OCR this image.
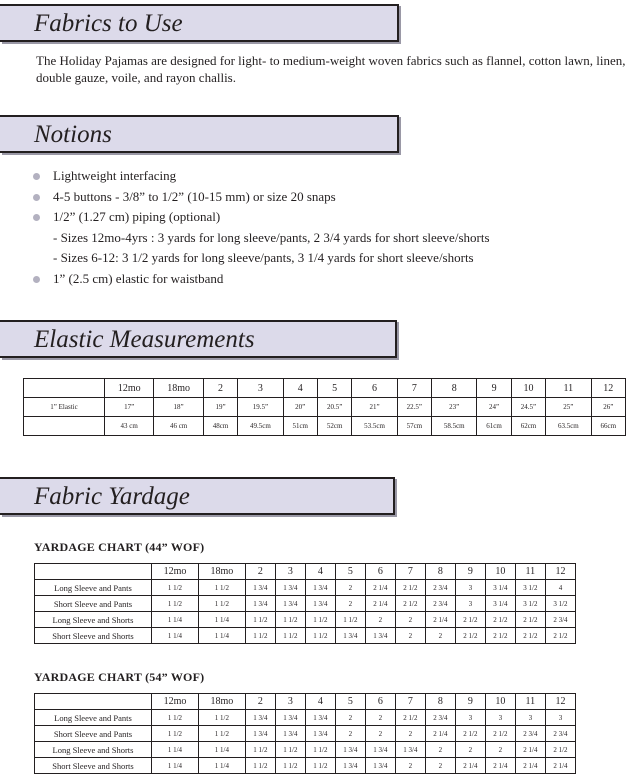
Fabrics to Use
The Holiday Pajamas are designed for light- to medium-weight woven fabrics such as flannel, cotton lawn, linen, double gauze, voile, and rayon challis.
Notions
Lightweight interfacing
4-5 buttons - 3/8” to 1/2” (10-15 mm) or size 20 snaps
1/2” (1.27 cm) piping (optional)
- Sizes 12mo-4yrs : 3 yards for long sleeve/pants, 2 3/4 yards for short sleeve/shorts
- Sizes 6-12: 3 1/2 yards for long sleeve/pants, 3 1/4 yards for short sleeve/shorts
1” (2.5 cm) elastic for waistband
Elastic Measurements
	12mo	18mo	2	3	4	5	6	7	8	9	10	11	12
1” Elastic	17”	18”	19”	19.5”	20”	20.5”	21”	22.5”	23”	24”	24.5”	25”	26”
	43 cm	46 cm	48cm	49.5cm	51cm	52cm	53.5cm	57cm	58.5cm	61cm	62cm	63.5cm	66cm
Fabric Yardage
YARDAGE CHART (44” WOF)
	12mo	18mo	2	3	4	5	6	7	8	9	10	11	12
Long Sleeve and Pants	1 1/2	1 1/2	1 3/4	1 3/4	1 3/4	2	2 1/4	2 1/2	2 3/4	3	3 1/4	3 1/2	4
Short Sleeve and Pants	1 1/2	1 1/2	1 3/4	1 3/4	1 3/4	2	2 1/4	2 1/2	2 3/4	3	3 1/4	3 1/2	3 1/2
Long Sleeve and Shorts	1 1/4	1 1/4	1 1/2	1 1/2	1 1/2	1 1/2	2	2	2 1/4	2 1/2	2 1/2	2 1/2	2 3/4
Short Sleeve and Shorts	1 1/4	1 1/4	1 1/2	1 1/2	1 1/2	1 3/4	1 3/4	2	2	2 1/2	2 1/2	2 1/2	2 1/2
YARDAGE CHART (54” WOF)
	12mo	18mo	2	3	4	5	6	7	8	9	10	11	12
Long Sleeve and Pants	1 1/2	1 1/2	1 3/4	1 3/4	1 3/4	2	2	2 1/2	2 3/4	3	3	3	3
Short Sleeve and Pants	1 1/2	1 1/2	1 3/4	1 3/4	1 3/4	2	2	2	2 1/4	2 1/2	2 1/2	2 3/4	2 3/4
Long Sleeve and Shorts	1 1/4	1 1/4	1 1/2	1 1/2	1 1/2	1 3/4	1 3/4	1 3/4	2	2	2	2 1/4	2 1/2
Short Sleeve and Shorts	1 1/4	1 1/4	1 1/2	1 1/2	1 1/2	1 3/4	1 3/4	2	2	2 1/4	2 1/4	2 1/4	2 1/4
